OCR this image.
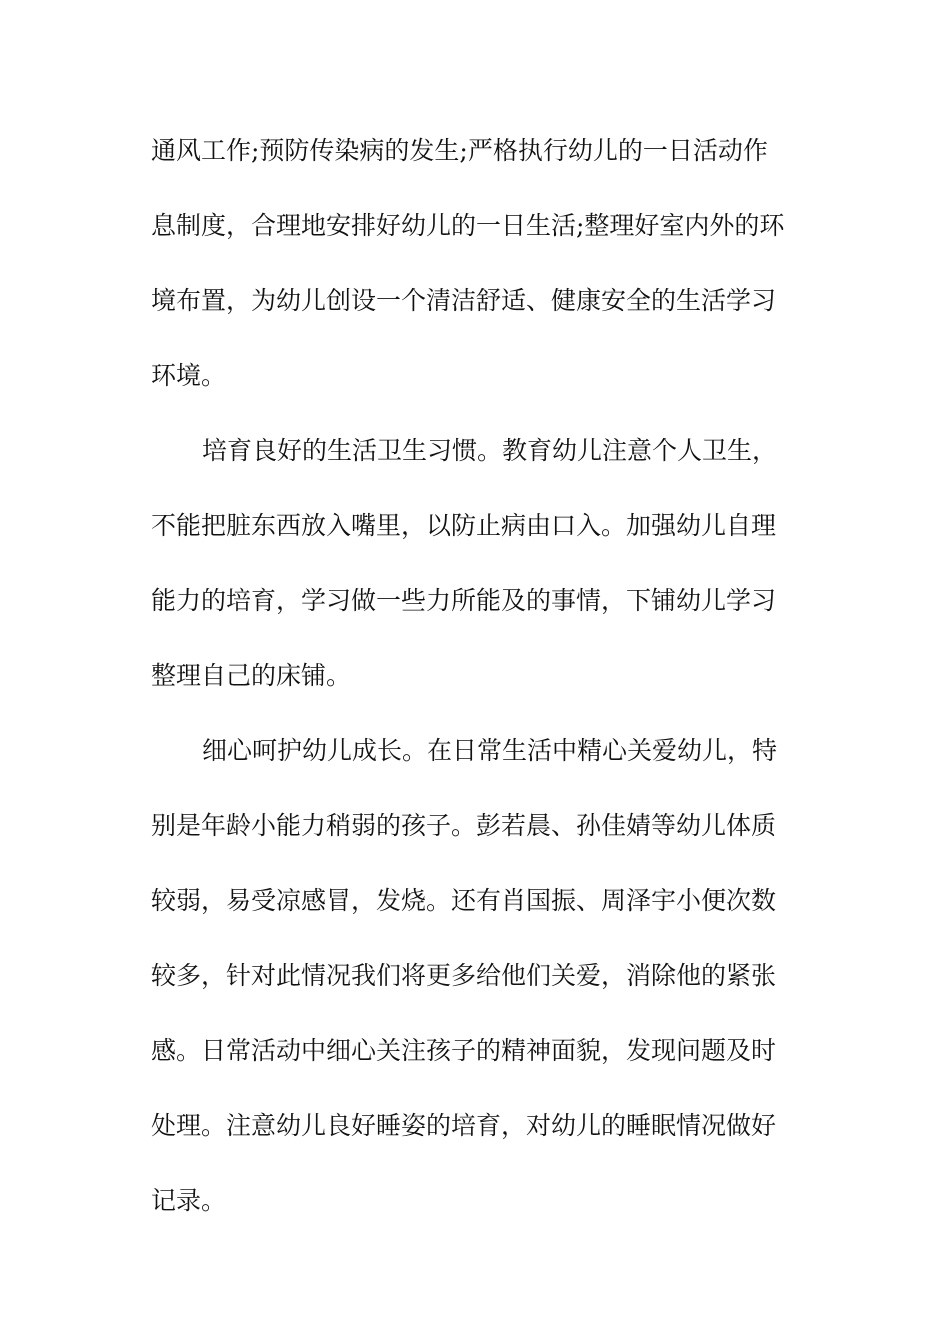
通风工作;预防传染病的发生;严格执行幼儿的一日活动作
息制度，合理地安排好幼儿的一日生活;整理好室内外的环
境布置，为幼儿创设一个清洁舒适、健康安全的生活学习
环境。
培育良好的生活卫生习惯。教育幼儿注意个人卫生，
不能把脏东西放入嘴里，以防止病由口入。加强幼儿自理
能力的培育，学习做一些力所能及的事情，下铺幼儿学习
整理自己的床铺。
细心呵护幼儿成长。在日常生活中精心关爱幼儿，特
别是年龄小能力稍弱的孩子。彭若晨、孙佳婧等幼儿体质
较弱，易受凉感冒，发烧。还有肖国振、周泽宇小便次数
较多，针对此情况我们将更多给他们关爱，消除他的紧张
感。日常活动中细心关注孩子的精神面貌，发现问题及时
处理。注意幼儿良好睡姿的培育，对幼儿的睡眠情况做好
记录。
